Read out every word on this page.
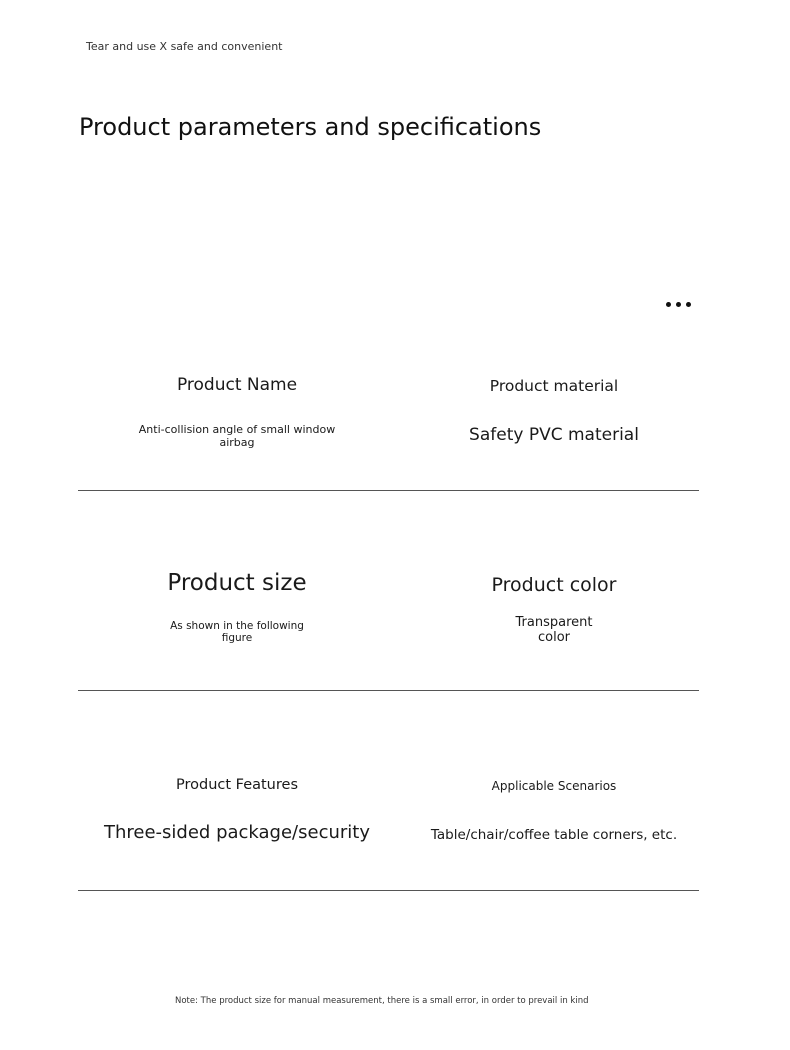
Tear and use X safe and convenient
Product parameters and specifications
Product Name
Anti-collision angle of small window airbag
Product material
Safety PVC material
Product size
As shown in the following figure
Product color
Transparent color
Product Features
Three-sided package/security
Applicable Scenarios
Table/chair/coffee table corners, etc.
Note: The product size for manual measurement, there is a small error, in order to prevail in kind
